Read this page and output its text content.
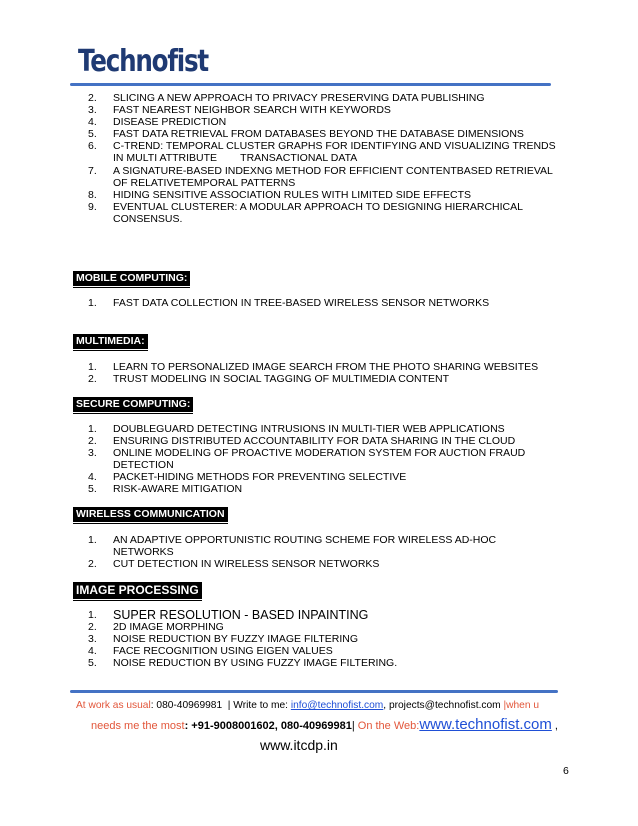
Technofist
2.	SLICING A NEW APPROACH TO PRIVACY PRESERVING DATA PUBLISHING
3.	FAST NEAREST NEIGHBOR SEARCH WITH KEYWORDS
4.	DISEASE PREDICTION
5.	FAST DATA RETRIEVAL FROM DATABASES BEYOND THE DATABASE DIMENSIONS
6.	C-TREND: TEMPORAL CLUSTER GRAPHS FOR IDENTIFYING AND VISUALIZING TRENDS IN MULTI ATTRIBUTE        TRANSACTIONAL DATA
7.	A SIGNATURE-BASED INDEXNG METHOD FOR EFFICIENT CONTENTBASED RETRIEVAL OF RELATIVETEMPORAL PATTERNS
8.	HIDING SENSITIVE ASSOCIATION RULES WITH LIMITED SIDE EFFECTS
9.	EVENTUAL CLUSTERER: A MODULAR APPROACH TO DESIGNING HIERARCHICAL CONSENSUS.
MOBILE COMPUTING:
1.	FAST DATA COLLECTION IN TREE-BASED WIRELESS SENSOR NETWORKS
MULTIMEDIA:
1.	LEARN TO PERSONALIZED IMAGE SEARCH FROM THE PHOTO SHARING WEBSITES
2.	TRUST MODELING IN SOCIAL TAGGING OF MULTIMEDIA CONTENT
SECURE COMPUTING:
1.	DOUBLEGUARD DETECTING INTRUSIONS IN MULTI-TIER WEB APPLICATIONS
2.	ENSURING DISTRIBUTED ACCOUNTABILITY FOR DATA SHARING IN THE CLOUD
3.	ONLINE MODELING OF PROACTIVE MODERATION SYSTEM FOR AUCTION FRAUD DETECTION
4.	PACKET-HIDING METHODS FOR PREVENTING SELECTIVE
5.	RISK-AWARE MITIGATION
WIRELESS COMMUNICATION
1.	AN ADAPTIVE OPPORTUNISTIC ROUTING SCHEME FOR WIRELESS AD-HOC NETWORKS
2.	CUT DETECTION IN WIRELESS SENSOR NETWORKS
IMAGE PROCESSING
1.	SUPER RESOLUTION - BASED INPAINTING
2.	2D IMAGE MORPHING
3.	NOISE REDUCTION BY FUZZY IMAGE FILTERING
4.	FACE RECOGNITION USING EIGEN VALUES
5.	NOISE REDUCTION BY USING FUZZY IMAGE FILTERING.
At work as usual: 080-40969981  | Write to me: info@technofist.com, projects@technofist.com |when u
needs me the most: +91-9008001602, 080-40969981| On the Web:www.technofist.com ,
www.itcdp.in
6
